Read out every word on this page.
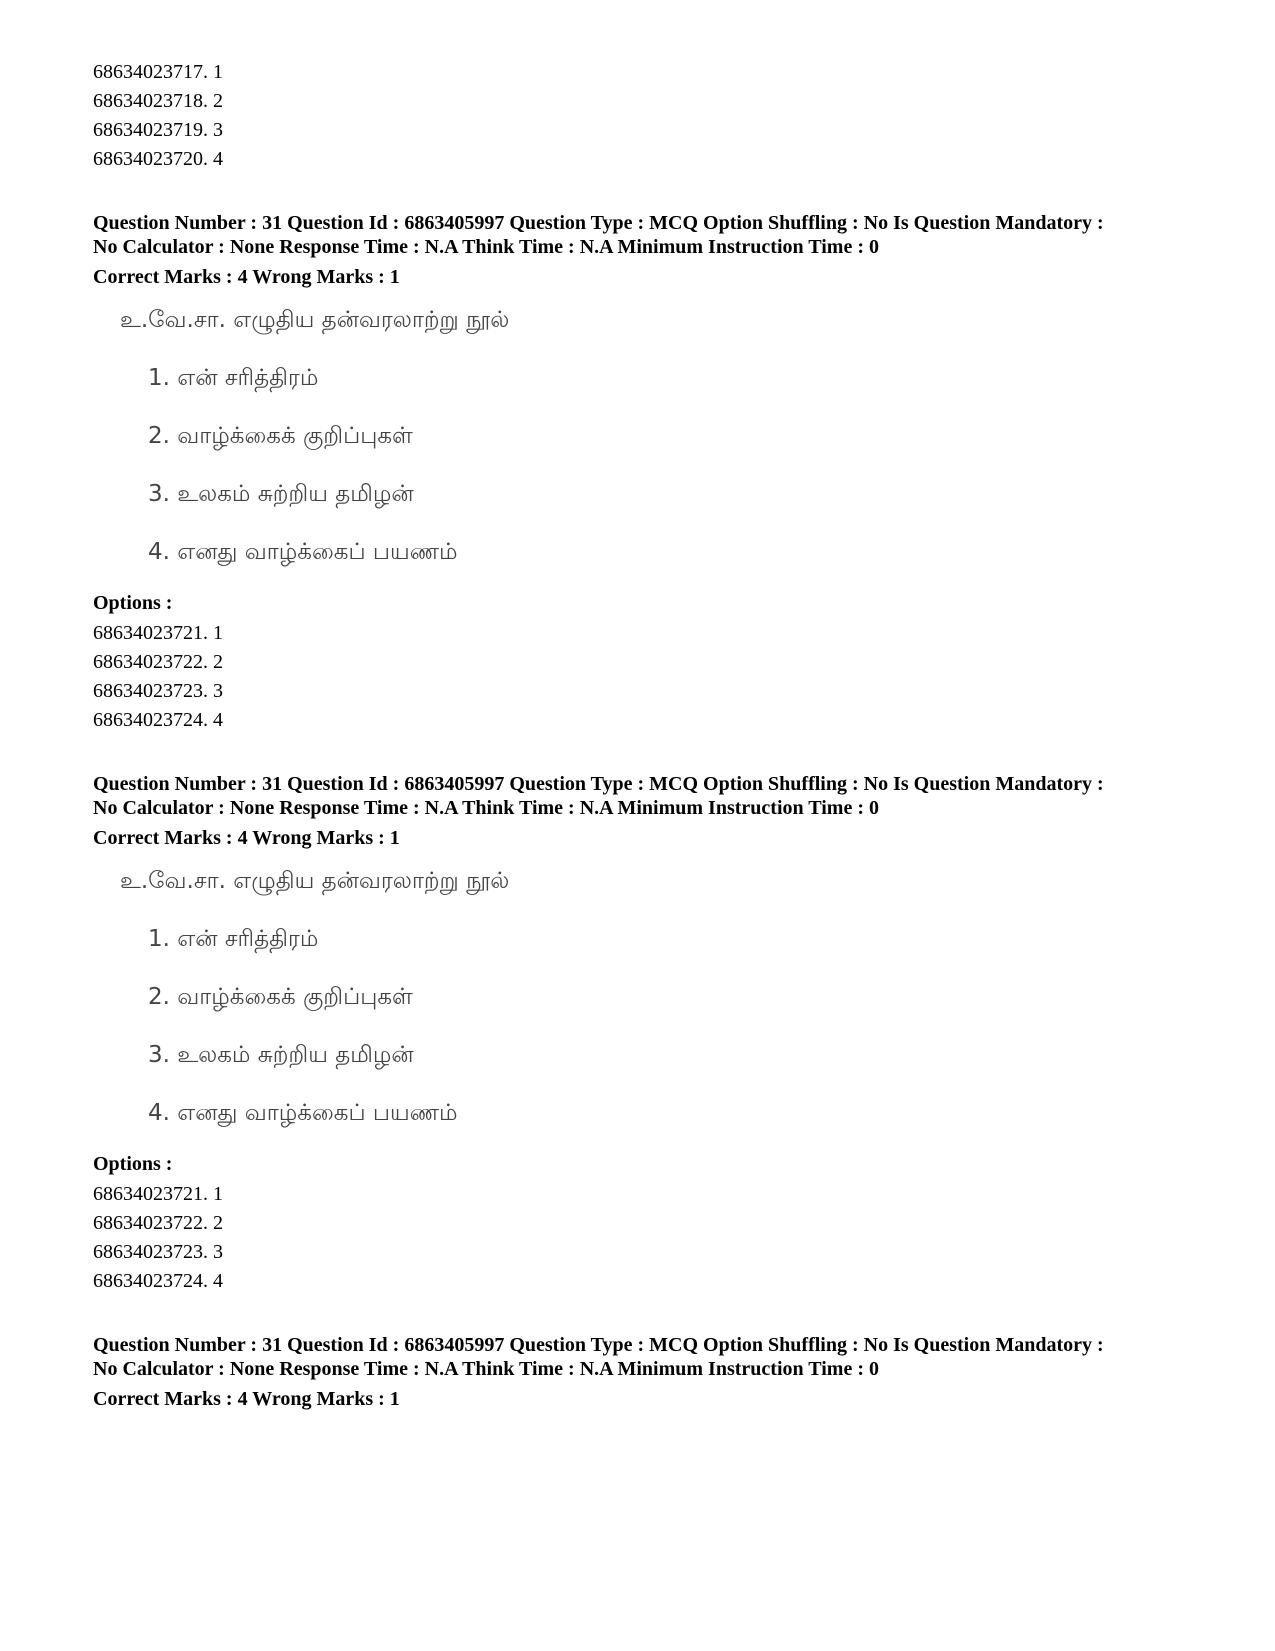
68634023717. 1
68634023718. 2
68634023719. 3
68634023720. 4
Question Number : 31 Question Id : 6863405997 Question Type : MCQ Option Shuffling : No Is Question Mandatory :
No Calculator : None Response Time : N.A Think Time : N.A Minimum Instruction Time : 0
Correct Marks : 4 Wrong Marks : 1
உ.வே.சா. எழுதிய தன்வரலாற்று நூல்
1. என் சரித்திரம்
2. வாழ்க்கைக் குறிப்புகள்
3. உலகம் சுற்றிய தமிழன்
4. எனது வாழ்க்கைப் பயணம்
Options :
68634023721. 1
68634023722. 2
68634023723. 3
68634023724. 4
Question Number : 31 Question Id : 6863405997 Question Type : MCQ Option Shuffling : No Is Question Mandatory :
No Calculator : None Response Time : N.A Think Time : N.A Minimum Instruction Time : 0
Correct Marks : 4 Wrong Marks : 1
உ.வே.சா. எழுதிய தன்வரலாற்று நூல்
1. என் சரித்திரம்
2. வாழ்க்கைக் குறிப்புகள்
3. உலகம் சுற்றிய தமிழன்
4. எனது வாழ்க்கைப் பயணம்
Options :
68634023721. 1
68634023722. 2
68634023723. 3
68634023724. 4
Question Number : 31 Question Id : 6863405997 Question Type : MCQ Option Shuffling : No Is Question Mandatory :
No Calculator : None Response Time : N.A Think Time : N.A Minimum Instruction Time : 0
Correct Marks : 4 Wrong Marks : 1
